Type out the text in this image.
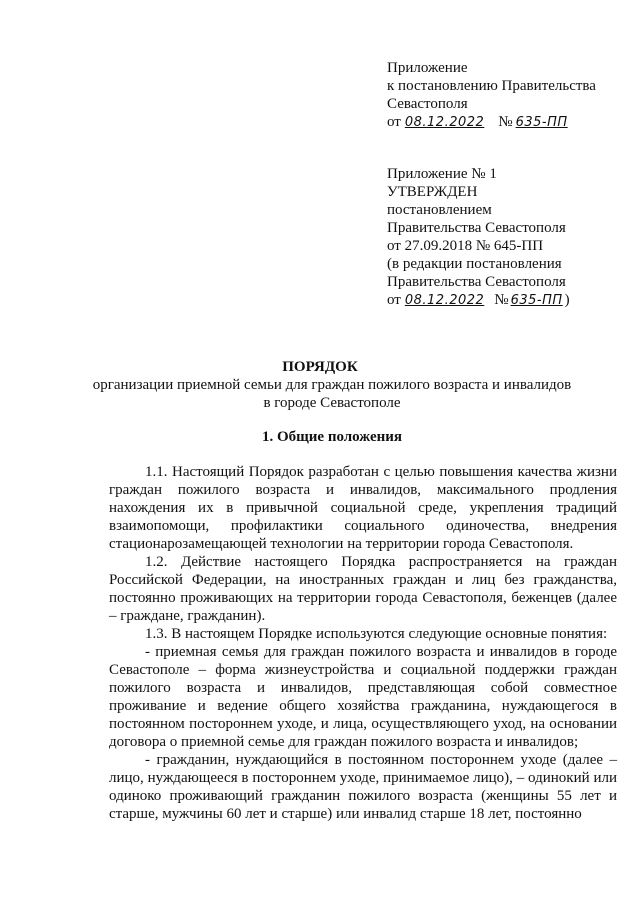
Приложение
к постановлению Правительства
Севастополя
от 08.12.2022 № 635-ПП
Приложение № 1
УТВЕРЖДЕН
постановлением
Правительства Севастополя
от 27.09.2018 № 645-ПП
(в редакции постановления
Правительства Севастополя
от 08.12.2022 № 635-ПП )
ПОРЯДОК
организации приемной семьи для граждан пожилого возраста и инвалидов
в городе Севастополе
1. Общие положения

1.1. Настоящий Порядок разработан с целью повышения качества жизни граждан пожилого возраста и инвалидов, максимального продления нахождения их в привычной социальной среде, укрепления традиций взаимопомощи, профилактики социального одиночества, внедрения стационарозамещающей технологии на территории города Севастополя.

1.2. Действие настоящего Порядка распространяется на граждан Российской Федерации, на иностранных граждан и лиц без гражданства, постоянно проживающих на территории города Севастополя, беженцев (далее – граждане, гражданин).

1.3. В настоящем Порядке используются следующие основные понятия:

- приемная семья для граждан пожилого возраста и инвалидов в городе Севастополе – форма жизнеустройства и социальной поддержки граждан пожилого возраста и инвалидов, представляющая собой совместное проживание и ведение общего хозяйства гражданина, нуждающегося в постоянном постороннем уходе, и лица, осуществляющего уход, на основании договора о приемной семье для граждан пожилого возраста и инвалидов;

- гражданин, нуждающийся в постоянном постороннем уходе (далее – лицо, нуждающееся в постороннем уходе, принимаемое лицо), – одинокий или одиноко проживающий гражданин пожилого возраста (женщины 55 лет и старше, мужчины 60 лет и старше) или инвалид старше 18 лет, постоянно
